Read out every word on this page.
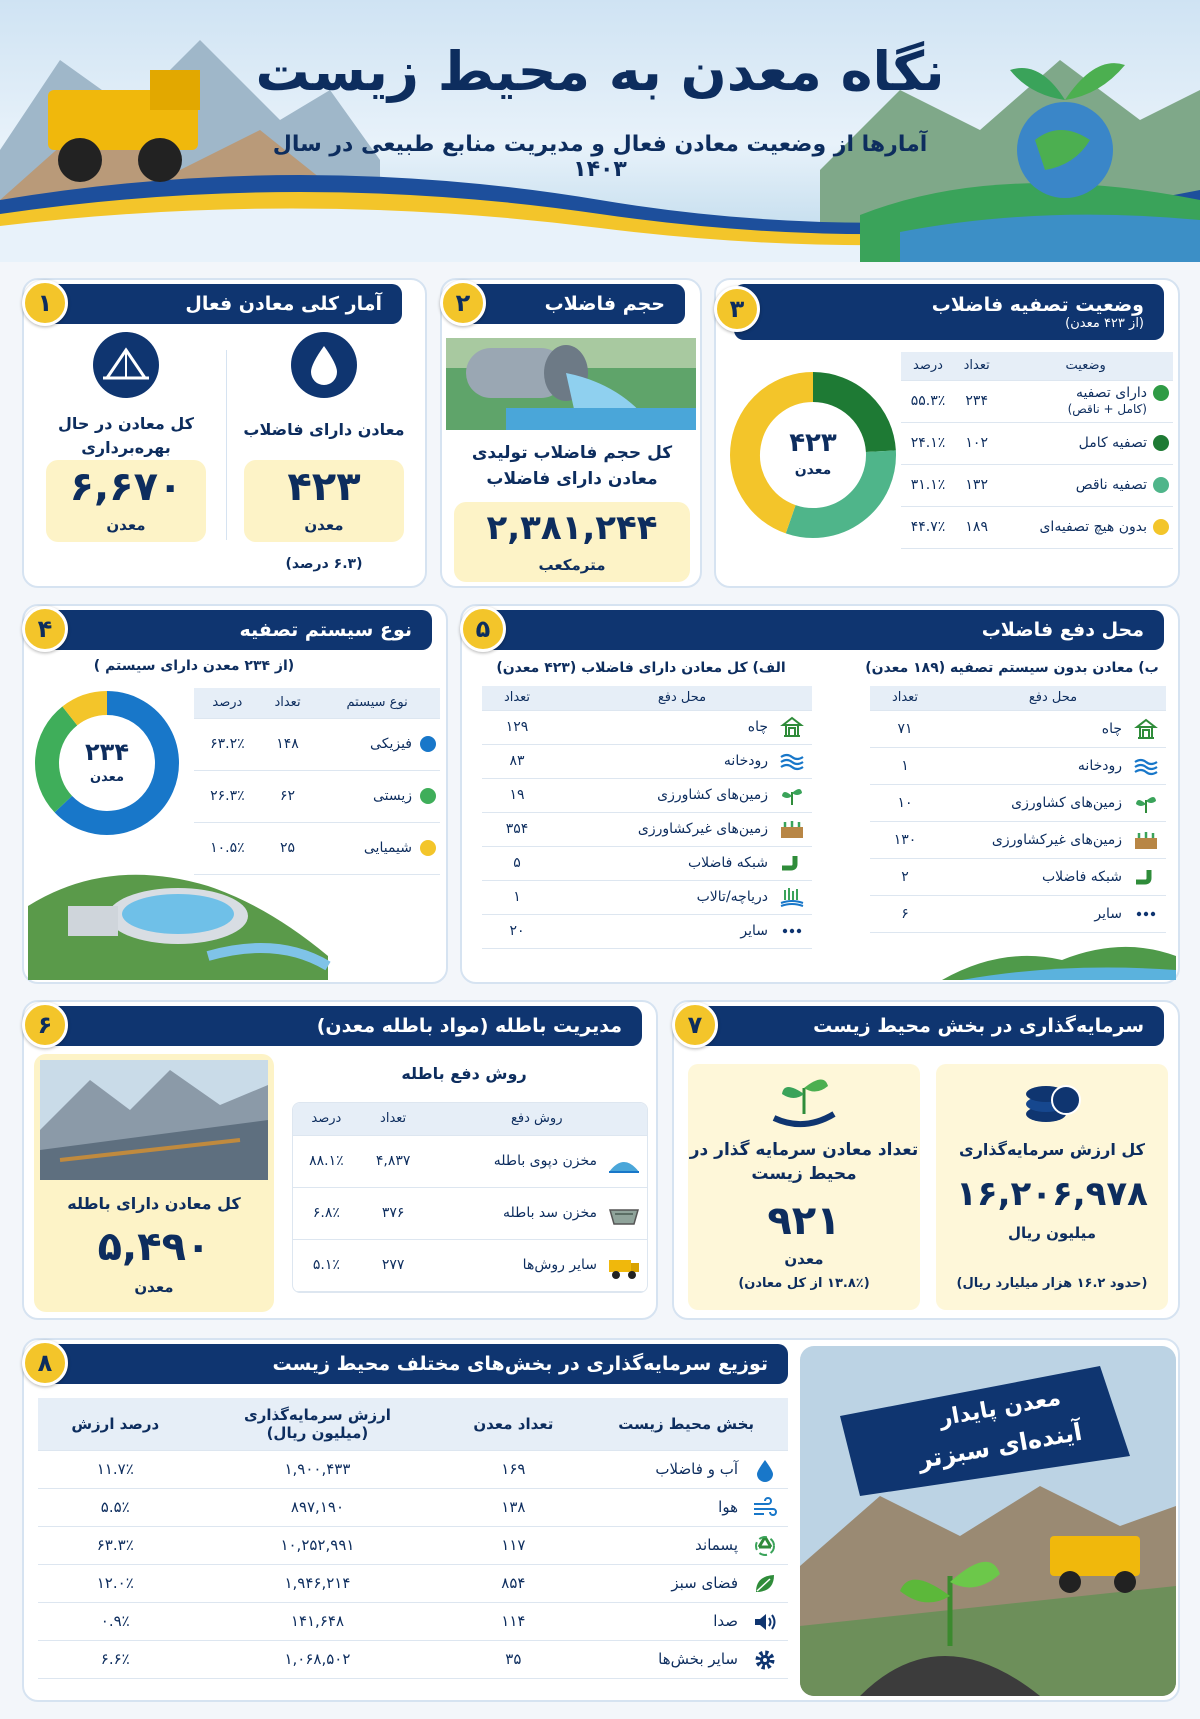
نگاه معدن به محیط زیست
آمارها از وضعیت معادن فعال و مدیریت منابع طبیعی در سال ۱۴۰۳
آمار کلی معادن فعال
۱
معادن دارای فاضلاب
۴۲۳
معدن
(۶.۳ درصد)
کل معادن در حال بهره‌برداری
۶,۶۷۰
معدن
حجم فاضلاب
۲
کل حجم فاضلاب تولیدی معادن دارای فاضلاب
۲,۳۸۱,۲۴۴
مترمکعب
وضعیت تصفیه فاضلاب
(از ۴۲۳ معدن)
۳
۴۲۳
معدن
وضعیت	تعداد	درصد
دارای تصفیه
(کامل + ناقص)	۲۳۴	۵۵.۳٪
تصفیه کامل	۱۰۲	۲۴.۱٪
تصفیه ناقص	۱۳۲	۳۱.۱٪
بدون هیچ تصفیه‌ای	۱۸۹	۴۴.۷٪
نوع سیستم تصفیه
۴
(از ۲۳۴ معدن دارای سیستم )
۲۳۴
معدن
نوع سیستم	تعداد	درصد
فیزیکی	۱۴۸	۶۳.۲٪
زیستی	۶۲	۲۶.۳٪
شیمیایی	۲۵	۱۰.۵٪
محل دفع فاضلاب
۵
الف) کل معادن دارای فاضلاب (۴۲۳ معدن)
محل دفع		تعداد
	چاه	۱۲۹
	رودخانه	۸۳
	زمین‌های کشاورزی	۱۹
	زمین‌های غیرکشاورزی	۳۵۴
	شبکه فاضلاب	۵
	دریاچه/تالاب	۱
	سایر	۲۰
ب) معادن بدون سیستم تصفیه (۱۸۹ معدن)
محل دفع		تعداد
	چاه	۷۱
	رودخانه	۱
	زمین‌های کشاورزی	۱۰
	زمین‌های غیرکشاورزی	۱۳۰
	شبکه فاضلاب	۲
	سایر	۶
مدیریت باطله (مواد باطله معدن)
۶
کل معادن دارای باطله
۵,۴۹۰
معدن
روش دفع باطله
روش دفع		تعداد	درصد
	مخزن دپوی باطله	۴,۸۳۷	۸۸.۱٪
	مخزن سد باطله	۳۷۶	۶.۸٪
	سایر روش‌ها	۲۷۷	۵.۱٪
سرمایه‌گذاری در بخش محیط زیست
۷
کل ارزش سرمایه‌گذاری
۱۶,۲۰۶,۹۷۸
میلیون ریال
(حدود ۱۶.۲ هزار میلیارد ریال)
تعداد معادن سرمایه گذار در محیط زیست
۹۲۱
معدن
(۱۳.۸٪ از کل معادن)
توزیع سرمایه‌گذاری در بخش‌های مختلف محیط زیست
۸
بخش محیط زیست		تعداد معدن	ارزش سرمایه‌گذاری
(میلیون ریال)	درصد ارزش
	آب و فاضلاب	۱۶۹	۱,۹۰۰,۴۳۳	۱۱.۷٪
	هوا	۱۳۸	۸۹۷,۱۹۰	۵.۵٪
	پسماند	۱۱۷	۱۰,۲۵۲,۹۹۱	۶۳.۳٪
	فضای سبز	۸۵۴	۱,۹۴۶,۲۱۴	۱۲.۰٪
	صدا	۱۱۴	۱۴۱,۶۴۸	۰.۹٪
	سایر بخش‌ها	۳۵	۱,۰۶۸,۵۰۲	۶.۶٪
معدن پایدار
آینده‌ای سبزتر
